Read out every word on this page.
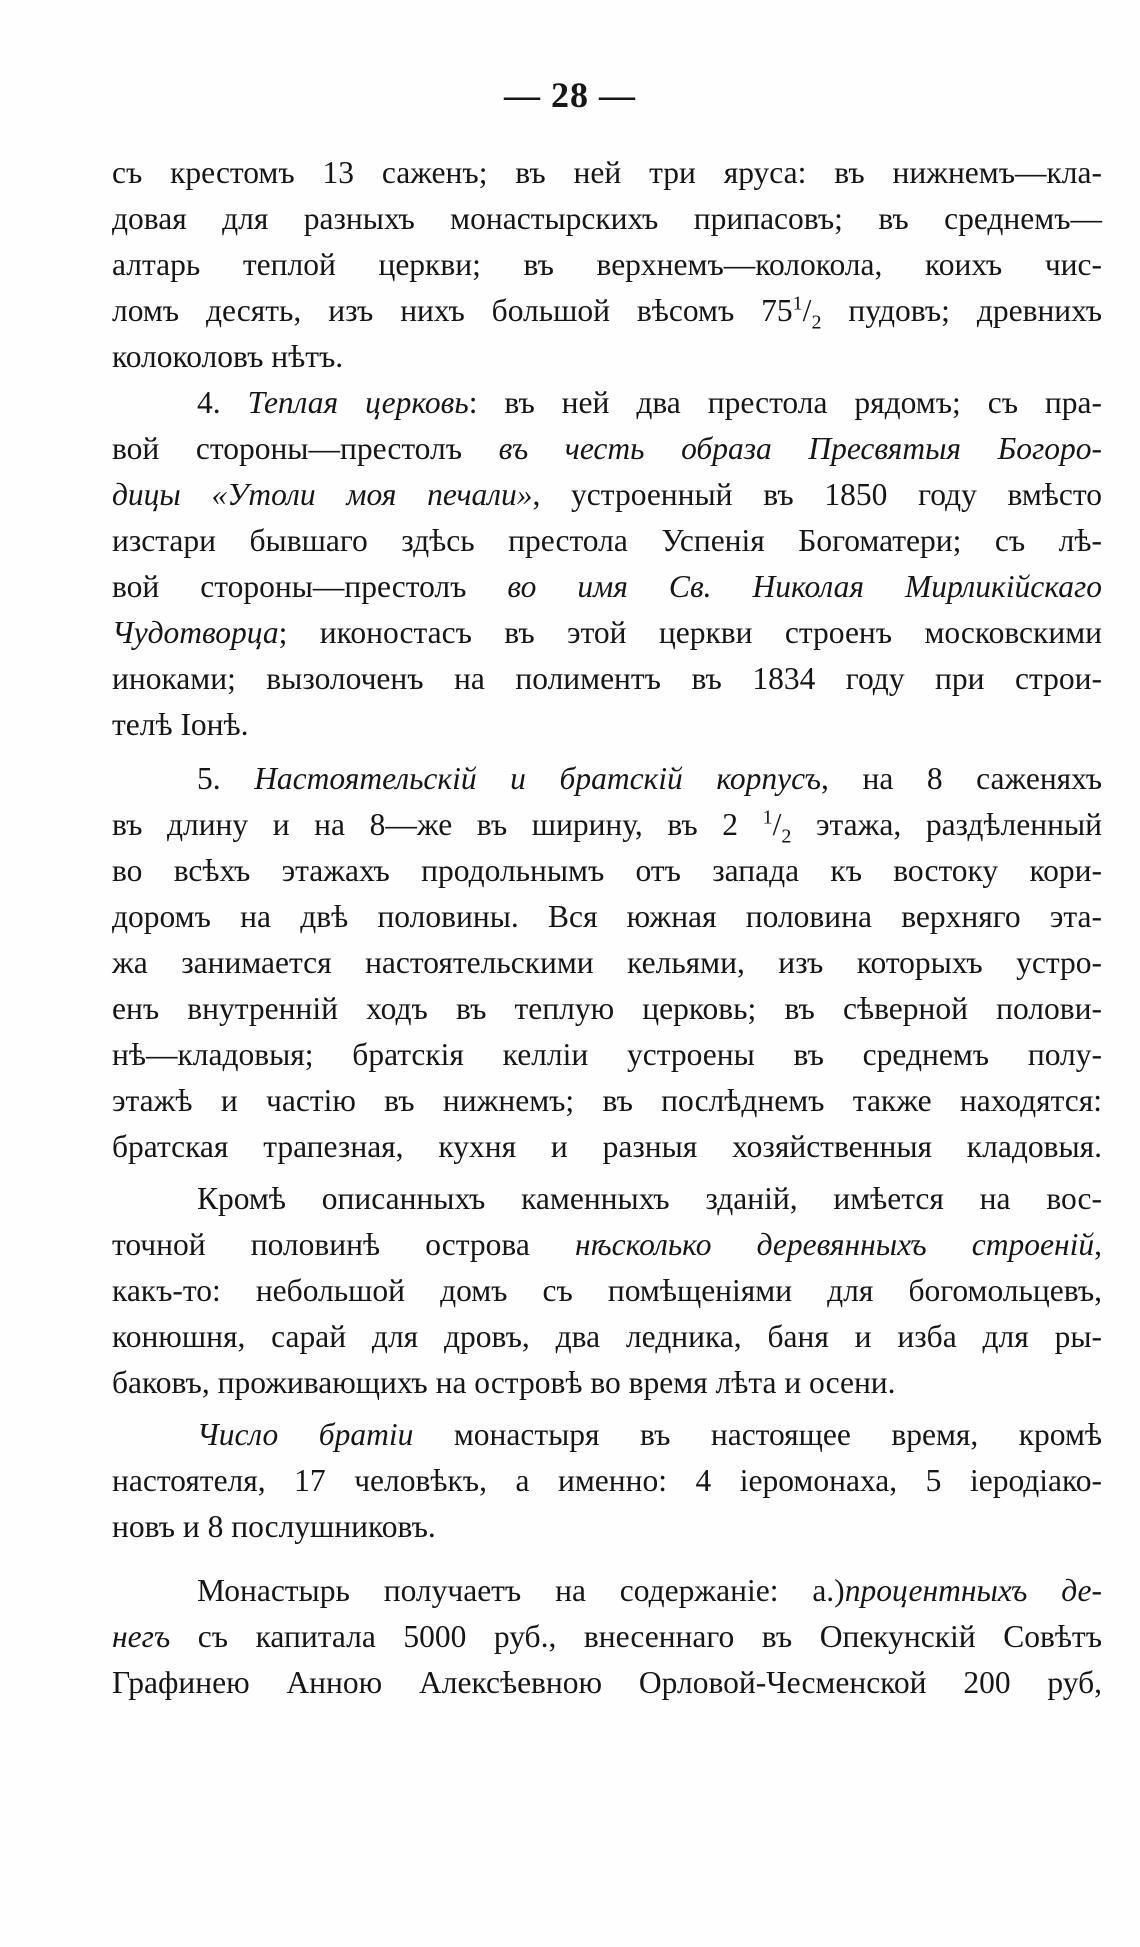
— 28 —
съ крестомъ 13 саженъ; въ ней три яруса: въ нижнемъ—кла-
довая для разныхъ монастырскихъ припасовъ; въ среднемъ—
алтарь теплой церкви; въ верхнемъ—колокола, коихъ чис-
ломъ десять, изъ нихъ большой вѣсомъ $75^1/_2$ пудовъ; древнихъ
колоколовъ нѣтъ.
4. Теплая церковь: въ ней два престола рядомъ; съ пра-
вой стороны—престолъ въ честь образа Пресвятыя Богоро-
дицы «Утоли моя печали», устроенный въ 1850 году вмѣсто
изстари бывшаго здѣсь престола Успенія Богоматери; съ лѣ-
вой стороны—престолъ во имя Св. Николая Мирликійскаго
Чудотворца; иконостасъ въ этой церкви строенъ московскими
иноками; вызолоченъ на полиментъ въ 1834 году при строи-
телѣ Іонѣ.
5. Настоятельскій и братскій корпусъ, на 8 саженяхъ
въ длину и на 8—же въ ширину, въ 2 $^1/_2$ этажа, раздѣленный
во всѣхъ этажахъ продольнымъ отъ запада къ востоку кори-
доромъ на двѣ половины. Вся южная половина верхняго эта-
жа занимается настоятельскими кельями, изъ которыхъ устро-
енъ внутренній ходъ въ теплую церковь; въ сѣверной полови-
нѣ—кладовыя; братскія келліи устроены въ среднемъ полу-
этажѣ и частію въ нижнемъ; въ послѣднемъ также находятся:
братская трапезная, кухня и разныя хозяйственныя кладовыя.
Кромѣ описанныхъ каменныхъ зданій, имѣется на вос-
точной половинѣ острова нѣсколько деревянныхъ строеній,
какъ-то: небольшой домъ съ помѣщеніями для богомольцевъ,
конюшня, сарай для дровъ, два ледника, баня и изба для ры-
баковъ, проживающихъ на островѣ во время лѣта и осени.
Число братіи монастыря въ настоящее время, кромѣ
настоятеля, 17 человѣкъ, а именно: 4 іеромонаха, 5 іеродіако-
новъ и 8 послушниковъ.
Монастырь получаетъ на содержаніе: а.)процентныхъ де-
негъ съ капитала 5000 руб., внесеннаго въ Опекунскій Совѣтъ
Графинею Анною Алексѣевною Орловой-Чесменской 200 руб,
